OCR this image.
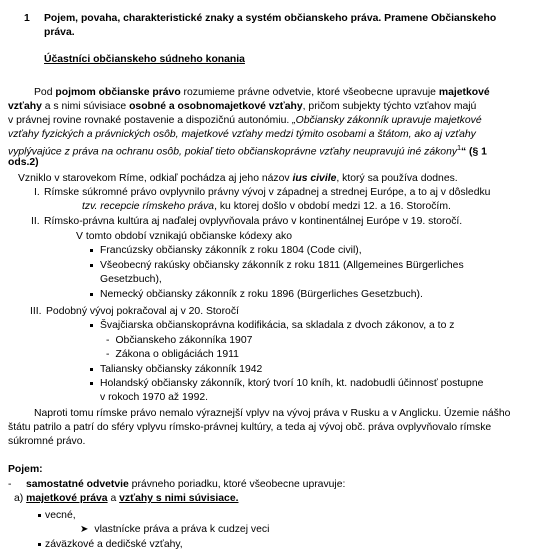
1 Pojem, povaha, charakteristické znaky a systém občianskeho práva. Pramene Občianskeho
práva.
Účastníci občianskeho súdneho konania
Pod pojmom občianske právo rozumieme právne odvetvie, ktoré všeobecne upravuje majetkové
vzťahy a s nimi súvisiace osobné a osobnomajetkové vzťahy, pričom subjekty týchto vzťahov majú
v právnej rovine rovnaké postavenie a dispozičnú autonómiu. „Občiansky zákonník upravuje majetkové
vzťahy fyzických a právnických osôb, majetkové vzťahy medzi týmito osobami a štátom, ako aj vzťahy
vyplývajúce z práva na ochranu osôb, pokiaľ tieto občianskoprávne vzťahy neupravujú iné zákony$^1$“ (§ 1
ods.2)
Vzniklo v starovekom Ríme, odkiaľ pochádza aj jeho názov ius civile, ktorý sa používa dodnes.
I. Rímske súkromné právo ovplyvnilo právny vývoj v západnej a strednej Európe, a to aj v dôsledku
tzv. recepcie rímskeho práva, ku ktorej došlo v období medzi 12. a 16. Storočím.
II. Rímsko-právna kultúra aj naďalej ovplyvňovala právo v kontinentálnej Európe v 19. storočí.
V tomto období vznikajú občianske kódexy ako
Francúzsky občiansky zákonník z roku 1804 (Code civil),
Všeobecný rakúsky občiansky zákonník z roku 1811 (Allgemeines Bürgerliches
Gesetzbuch),
Nemecký občiansky zákonník z roku 1896 (Bürgerliches Gesetzbuch).
III. Podobný vývoj pokračoval aj v 20. Storočí
Švajčiarska občianskoprávna kodifikácia, sa skladala z dvoch zákonov, a to z
- Občianskeho zákonníka 1907
- Zákona o obligáciách 1911
Taliansky občiansky zákonník 1942
Holandský občiansky zákonník, ktorý tvorí 10 kníh, kt. nadobudli účinnosť postupne
v rokoch 1970 až 1992.
Naproti tomu rímske právo nemalo výraznejší vplyv na vývoj práva v Rusku a v Anglicku. Územie nášho
štátu patrilo a patrí do sféry vplyvu rímsko-právnej kultúry, a teda aj vývoj obč. práva ovplyvňovalo rímske
súkromné právo.
Pojem:
- samostatné odvetvie právneho poriadku, ktoré všeobecne upravuje:
a) majetkové práva a vzťahy s nimi súvisiace.
vecné,
➤ vlastnícke práva a práva k cudzej veci
záväzkové a dedičské vzťahy,
